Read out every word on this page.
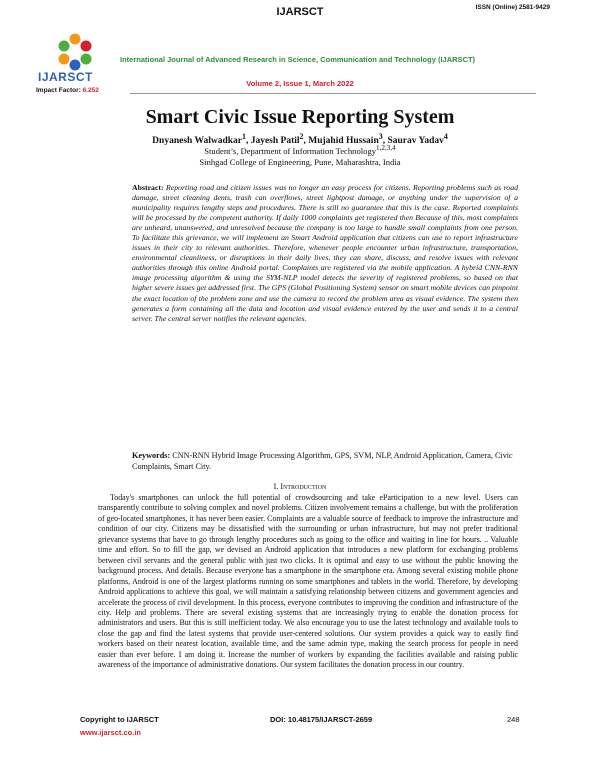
IJARSCT	ISSN (Online) 2581-9429
IJARSCT
Impact Factor: 6.252
International Journal of Advanced Research in Science, Communication and Technology (IJARSCT)
Volume 2, Issue 1, March 2022
Smart Civic Issue Reporting System
Dnyanesh Walwadkar$^1$, Jayesh Patil$^2$, Mujahid Hussain$^3$, Saurav Yadav$^4$
Student’s, Department of Information Technology$^{1,2,3,4}$
Sinhgad College of Engineering, Pune, Maharashtra, India
Abstract: Reporting road and citizen issues was no longer an easy process for citizens. Reporting problems such as road damage, street cleaning dents, trash can overflows, street lightpost damage, or anything under the supervision of a municipality requires lengthy steps and procedures. There is still no guarantee that this is the case. Reported complaints will be processed by the competent authority. If daily 1000 complaints get registered then Because of this, most complaints are unheard, unanswered, and unresolved because the company is too large to handle small complaints from one person. To facilitate this grievance, we will implement an Smart Android application that citizens can use to report infrastructure issues in their city to relevant authorities. Therefore, whenever people encounter urban infrastructure, transportation, environmental cleanliness, or disruptions in their daily lives, they can share, discuss, and resolve issues with relevant authorities through this online Android portal. Complaints are registered via the mobile application. A hybrid CNN-RNN image processing algorithm & using the SYM-NLP model detects the severity of registered problems, so based on that higher severe issues get addressed first. The GPS (Global Positioning System) sensor on smart mobile devices can pinpoint the exact location of the problem zone and use the camera to record the problem area as visual evidence. The system then generates a form containing all the data and location and visual evidence entered by the user and sends it to a central server. The central server notifies the relevant agencies.
Keywords: CNN-RNN Hybrid Image Processing Algorithm, GPS, SVM, NLP, Android Application, Camera, Civic Complaints, Smart City.
I. Introduction

Today's smartphones can unlock the full potential of crowdsourcing and take eParticipation to a new level. Users can transparently contribute to solving complex and novel problems. Citizen involvement remains a challenge, but with the proliferation of geo-located smartphones, it has never been easier. Complaints are a valuable source of feedback to improve the infrastructure and condition of our city. Citizens may be dissatisfied with the surrounding or urban infrastructure, but may not prefer traditional grievance systems that have to go through lengthy procedures such as going to the office and waiting in line for hours. .. Valuable time and effort. So to fill the gap, we devised an Android application that introduces a new platform for exchanging problems between civil servants and the general public with just two clicks. It is optimal and easy to use without the public knowing the background process. And details. Because everyone has a smartphone in the smartphone era. Among several existing mobile phone platforms, Android is one of the largest platforms running on some smartphones and tablets in the world. Therefore, by developing Android applications to achieve this goal, we will maintain a satisfying relationship between citizens and government agencies and accelerate the process of civil development. In this process, everyone contributes to improving the condition and infrastructure of the city. Help and problems. There are several existing systems that are increasingly trying to enable the donation process for administrators and users. But this is still inefficient today. We also encourage you to use the latest technology and available tools to close the gap and find the latest systems that provide user-centered solutions. Our system provides a quick way to easily find workers based on their nearest location, available time, and the same admin type, making the search process for people in need easier than ever before. I am doing it. Increase the number of workers by expanding the facilities available and raising public awareness of the importance of administrative donations. Our system facilitates the donation process in our country.

Copyright to IJARSCT
www.ijarsct.co.in
DOI: 10.48175/IJARSCT-2659	248
